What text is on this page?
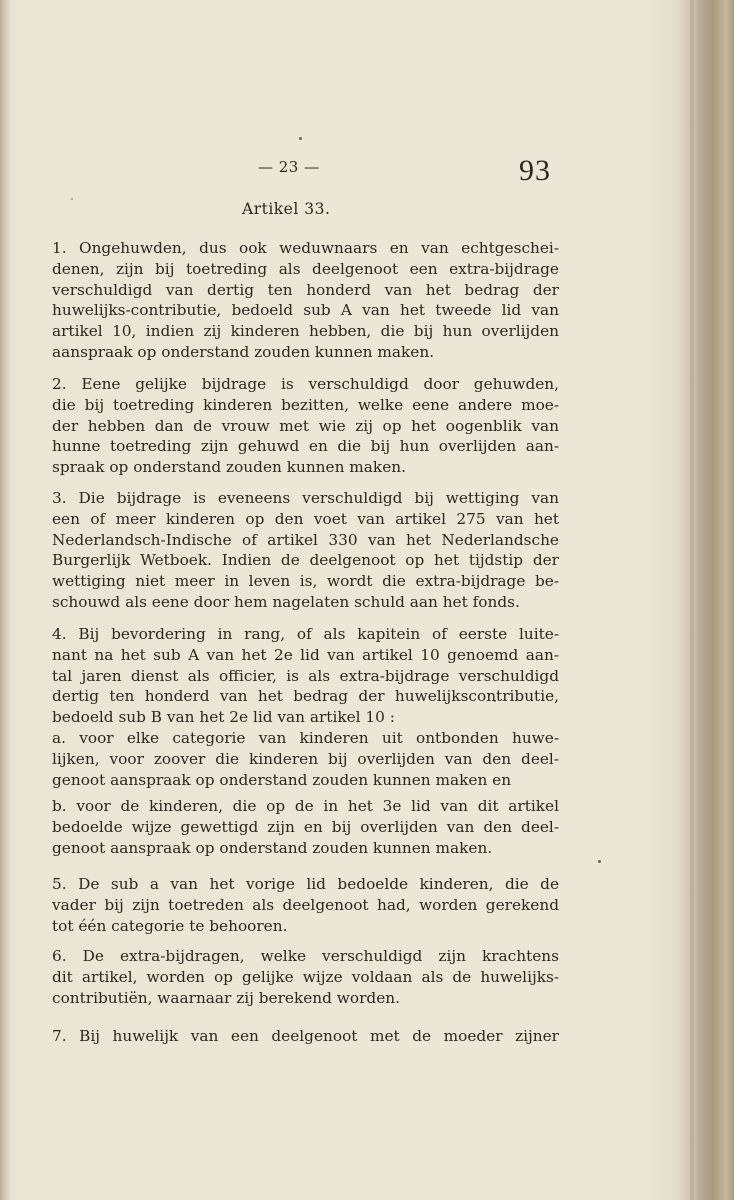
— 23 —	93
◦
Artikel 33.
1. Ongehuwden, dus ook weduwnaars en van echtgeschei-
denen, zijn bij toetreding als deelgenoot een extra-bijdrage
verschuldigd van dertig ten honderd van het bedrag der
huwelijks-contributie, bedoeld sub A van het tweede lid van
artikel 10, indien zij kinderen hebben, die bij hun overlijden
aanspraak op onderstand zouden kunnen maken.
2. Eene gelijke bijdrage is verschuldigd door gehuwden,
die bij toetreding kinderen bezitten, welke eene andere moe-
der hebben dan de vrouw met wie zij op het oogenblik van
hunne toetreding zijn gehuwd en die bij hun overlijden aan-
spraak op onderstand zouden kunnen maken.
3. Die bijdrage is eveneens verschuldigd bij wettiging van
een of meer kinderen op den voet van artikel 275 van het
Nederlandsch-Indische of artikel 330 van het Nederlandsche
Burgerlijk Wetboek. Indien de deelgenoot op het tijdstip der
wettiging niet meer in leven is, wordt die extra-bijdrage be-
schouwd als eene door hem nagelaten schuld aan het fonds.
4. Bij bevordering in rang, of als kapitein of eerste luite-
nant na het sub A van het 2e lid van artikel 10 genoemd aan-
tal jaren dienst als officier, is als extra-bijdrage verschuldigd
dertig ten honderd van het bedrag der huwelijkscontributie,
bedoeld sub B van het 2e lid van artikel 10 :
a. voor elke categorie van kinderen uit ontbonden huwe-
lijken, voor zoover die kinderen bij overlijden van den deel-
genoot aanspraak op onderstand zouden kunnen maken en
b. voor de kinderen, die op de in het 3e lid van dit artikel
bedoelde wijze gewettigd zijn en bij overlijden van den deel-
genoot aanspraak op onderstand zouden kunnen maken.
5. De sub a van het vorige lid bedoelde kinderen, die de
vader bij zijn toetreden als deelgenoot had, worden gerekend
tot één categorie te behooren.
6. De extra-bijdragen, welke verschuldigd zijn krachtens
dit artikel, worden op gelijke wijze voldaan als de huwelijks-
contributiën, waarnaar zij berekend worden.
7. Bij huwelijk van een deelgenoot met de moeder zijner
